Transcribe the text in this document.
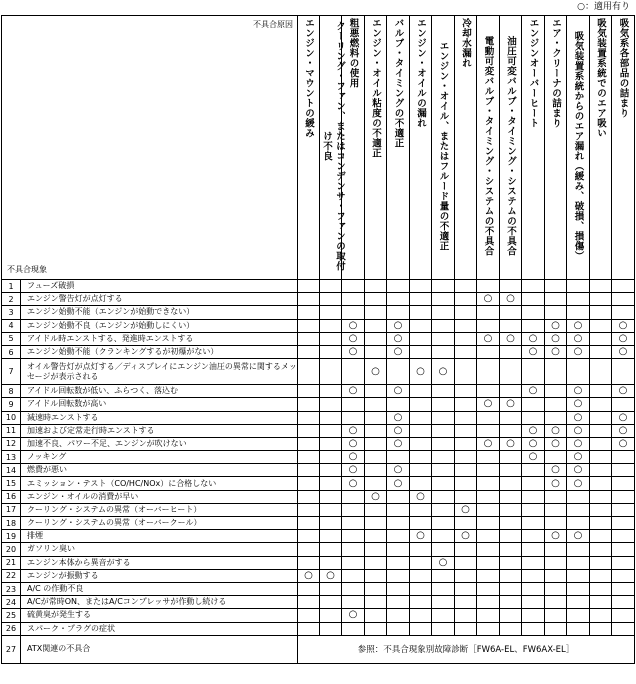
○：適用有り
不具合原因
不具合現象		エンジン・マウントの緩み	クーリング・ファン、またはコンデンサ・ファンの取付け不良	粗悪燃料の使用	エンジン・オイル粘度の不適正	バルブ・タイミングの不適正	エンジン・オイルの漏れ	エンジン・オイル、またはフルード量の不適正	冷却水漏れ	電動可変バルブ・タイミング・システムの不具合	油圧可変バルブ・タイミング・システムの不具合	エンジンオーバーヒート	エア・クリーナの詰まり	吸気装置系統からのエア漏れ（緩み、破損、損傷）	吸気装置系統でのエア吸い	吸気系各部品の詰まり

1	フューズ破損															
2	エンジン警告灯が点灯する									○	○					
3	エンジン始動不能（エンジンが始動できない）															
4	エンジン始動不良（エンジンが始動しにくい）			○		○							○	○		○
5	アイドル時エンストする、発進時エンストする			○		○				○	○	○	○	○		○
6	エンジン始動不能（クランキングするが初爆がない）			○		○						○	○	○		○
7	オイル警告灯が点灯する／ディスプレイにエンジン油圧の異常に関するメッセージが表示される				○		○	○								
8	アイドル回転数が低い、ふらつく、落込む			○		○						○		○		○
9	アイドル回転数が高い									○	○			○		
10	減速時エンストする					○								○		○
11	加速および定常走行時エンストする			○		○						○	○	○		○
12	加速不良、パワー不足、エンジンが吹けない			○		○				○	○	○	○	○		○
13	ノッキング			○								○		○		
14	燃費が悪い			○		○							○	○		
15	エミッション・テスト（CO/HC/NOx）に合格しない			○		○							○	○		
16	エンジン・オイルの消費が早い				○		○									
17	クーリング・システムの異常（オーバーヒート）								○							
18	クーリング・システムの異常（オーバークール）															
19	排煙						○		○				○	○		
20	ガソリン臭い															
21	エンジン本体から異音がする							○								
22	エンジンが振動する	○	○													
23	A/C の作動不良															
24	A/Cが常時ON、またはA/Cコンプレッサが作動し続ける															
25	硫黄臭が発生する			○												
26	スパーク・プラグの症状															
27	ATX関連の不具合	参照：不具合現象別故障診断［FW6A-EL、FW6AX-EL］														
